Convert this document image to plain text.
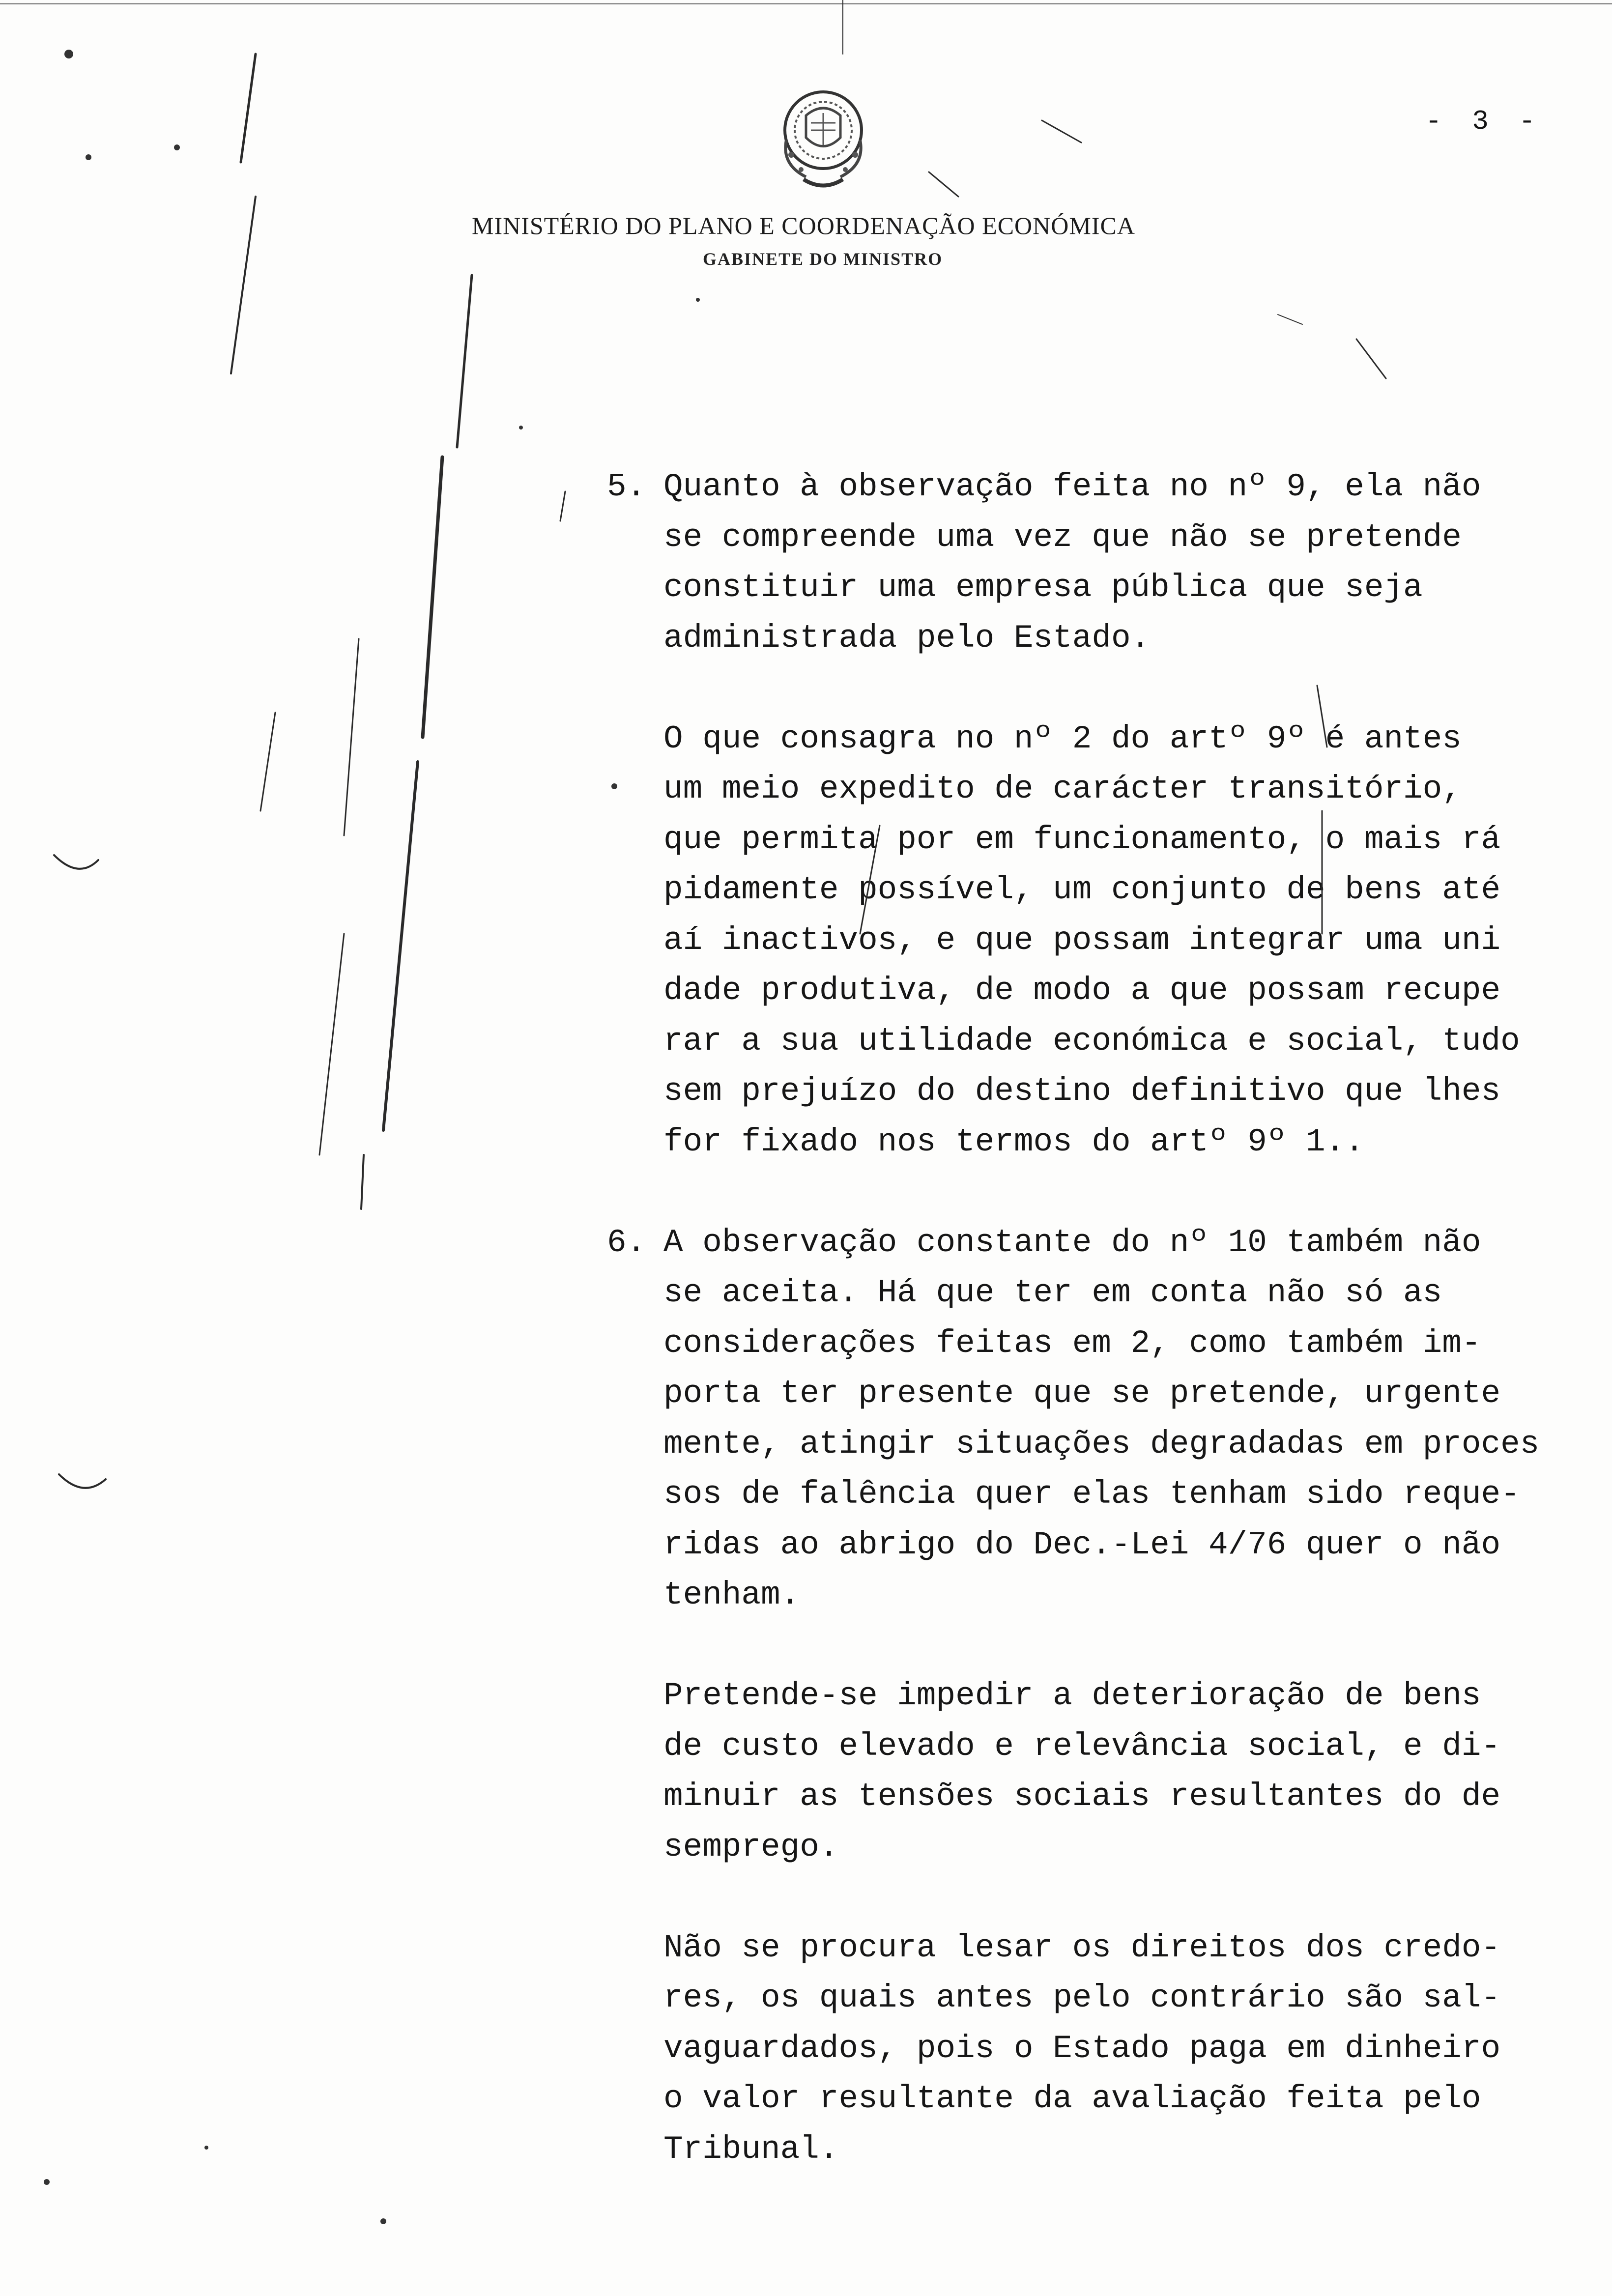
- 3 -
MINISTÉRIO DO PLANO E COORDENAÇÃO ECONÓMICA
GABINETE DO MINISTRO
5. Quanto à observação feita no nº 9, ela não
se compreende uma vez que não se pretende
constituir uma empresa pública que seja
administrada pelo Estado.
O que consagra no nº 2 do artº 9º é antes
um meio expedito de carácter transitório,
que permita por em funcionamento, o mais rá
pidamente possível, um conjunto de bens até
aí inactivos, e que possam integrar uma uni
dade produtiva, de modo a que possam recupe
rar a sua utilidade económica e social, tudo
sem prejuízo do destino definitivo que lhes
for fixado nos termos do artº 9º 1..
6. A observação constante do nº 10 também não
se aceita. Há que ter em conta não só as
considerações feitas em 2, como também im-
porta ter presente que se pretende, urgente
mente, atingir situações degradadas em proces
sos de falência quer elas tenham sido reque-
ridas ao abrigo do Dec.-Lei 4/76 quer o não
tenham.
Pretende-se impedir a deterioração de bens
de custo elevado e relevância social, e di-
minuir as tensões sociais resultantes do de
semprego.
Não se procura lesar os direitos dos credo-
res, os quais antes pelo contrário são sal-
vaguardados, pois o Estado paga em dinheiro
o valor resultante da avaliação feita pelo
Tribunal.
